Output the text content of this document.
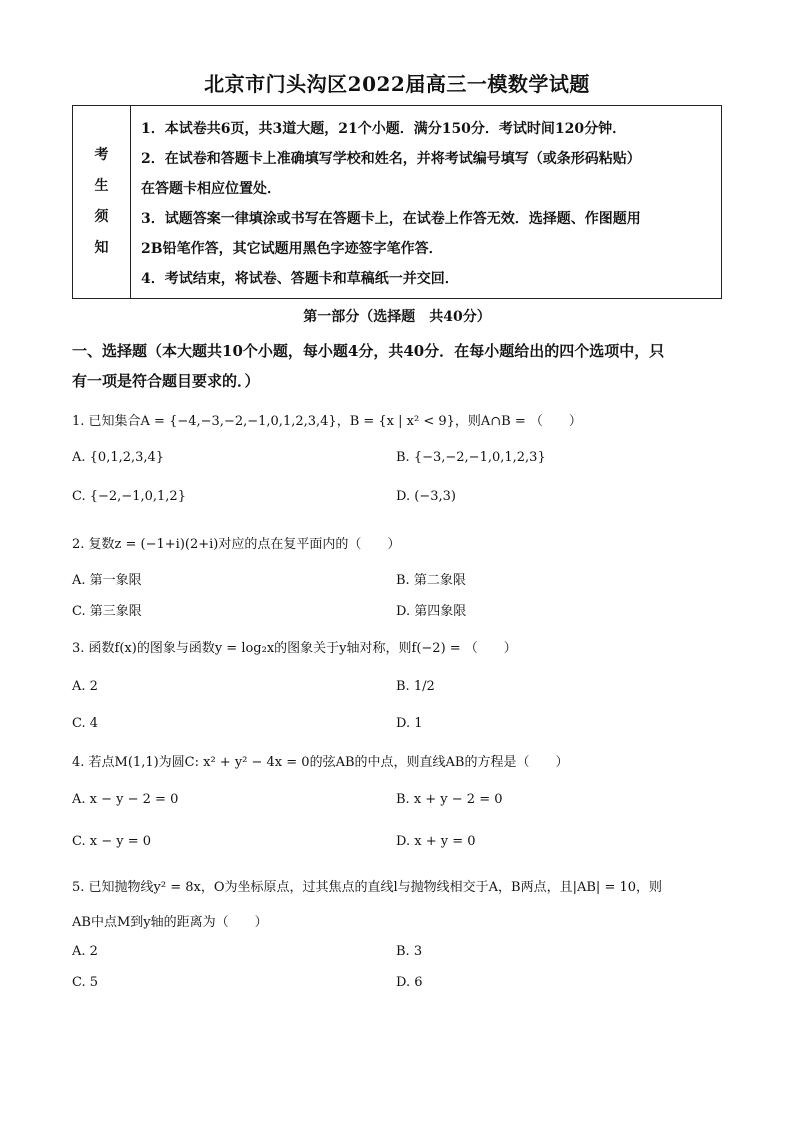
北京市门头沟区2022届高三一模数学试题
考
生
须
知
1．本试卷共6页，共3道大题，21个小题．满分150分．考试时间120分钟．
2．在试卷和答题卡上准确填写学校和姓名，并将考试编号填写（或条形码粘贴）
在答题卡相应位置处．
3．试题答案一律填涂或书写在答题卡上，在试卷上作答无效．选择题、作图题用
2B铅笔作答，其它试题用黑色字迹签字笔作答．
4．考试结束，将试卷、答题卡和草稿纸一并交回．
第一部分（选择题　共40分）
一、选择题（本大题共10个小题，每小题4分，共40分．在每小题给出的四个选项中，只
有一项是符合题目要求的．）
1. 已知集合A = {−4,−3,−2,−1,0,1,2,3,4}，B = {x | x² < 9}，则A∩B = （　　）
A. {0,1,2,3,4}	B. {−3,−2,−1,0,1,2,3}
C. {−2,−1,0,1,2}	D. (−3,3)
2. 复数z = (−1+i)(2+i)对应的点在复平面内的（　　）
A. 第一象限	B. 第二象限
C. 第三象限	D. 第四象限
3. 函数f(x)的图象与函数y = log₂x的图象关于y轴对称，则f(−2) = （　　）
A. 2	B. 1/2
C. 4	D. 1
4. 若点M(1,1)为圆C: x² + y² − 4x = 0的弦AB的中点，则直线AB的方程是（　　）
A. x − y − 2 = 0	B. x + y − 2 = 0
C. x − y = 0	D. x + y = 0
5. 已知抛物线y² = 8x，O为坐标原点，过其焦点的直线l与抛物线相交于A，B两点，且|AB| = 10，则
AB中点M到y轴的距离为（　　）
A. 2	B. 3
C. 5	D. 6
